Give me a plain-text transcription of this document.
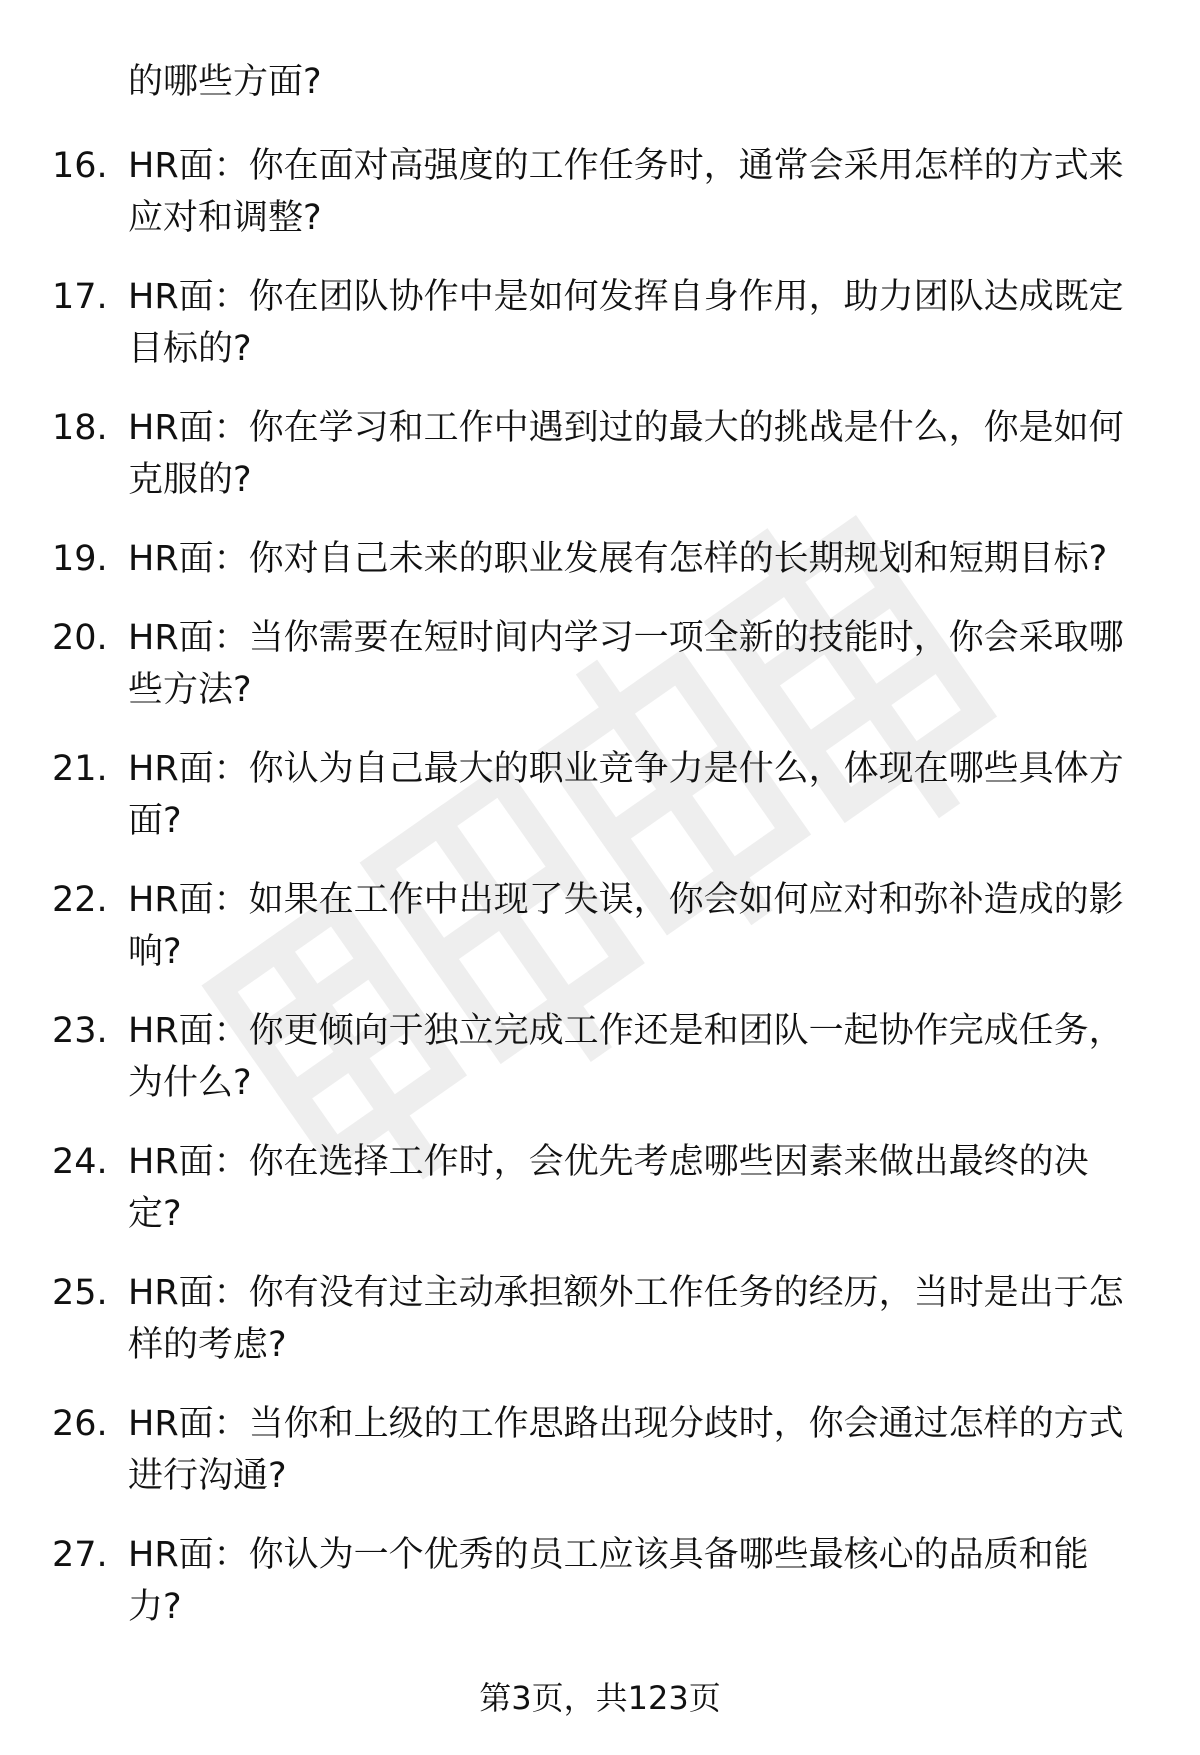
的哪些方面?
16. HR面：你在面对高强度的工作任务时，通常会采用怎样的方式来
应对和调整?
17. HR面：你在团队协作中是如何发挥自身作用，助力团队达成既定
目标的?
18. HR面：你在学习和工作中遇到过的最大的挑战是什么，你是如何
克服的?
19. HR面：你对自己未来的职业发展有怎样的长期规划和短期目标?
20. HR面：当你需要在短时间内学习一项全新的技能时，你会采取哪
些方法?
21. HR面：你认为自己最大的职业竞争力是什么，体现在哪些具体方
面?
22. HR面：如果在工作中出现了失误，你会如何应对和弥补造成的影
响?
23. HR面：你更倾向于独立完成工作还是和团队一起协作完成任务，
为什么?
24. HR面：你在选择工作时，会优先考虑哪些因素来做出最终的决
定?
25. HR面：你有没有过主动承担额外工作任务的经历，当时是出于怎
样的考虑?
26. HR面：当你和上级的工作思路出现分歧时，你会通过怎样的方式
进行沟通?
27. HR面：你认为一个优秀的员工应该具备哪些最核心的品质和能
力?
第3页，共123页
